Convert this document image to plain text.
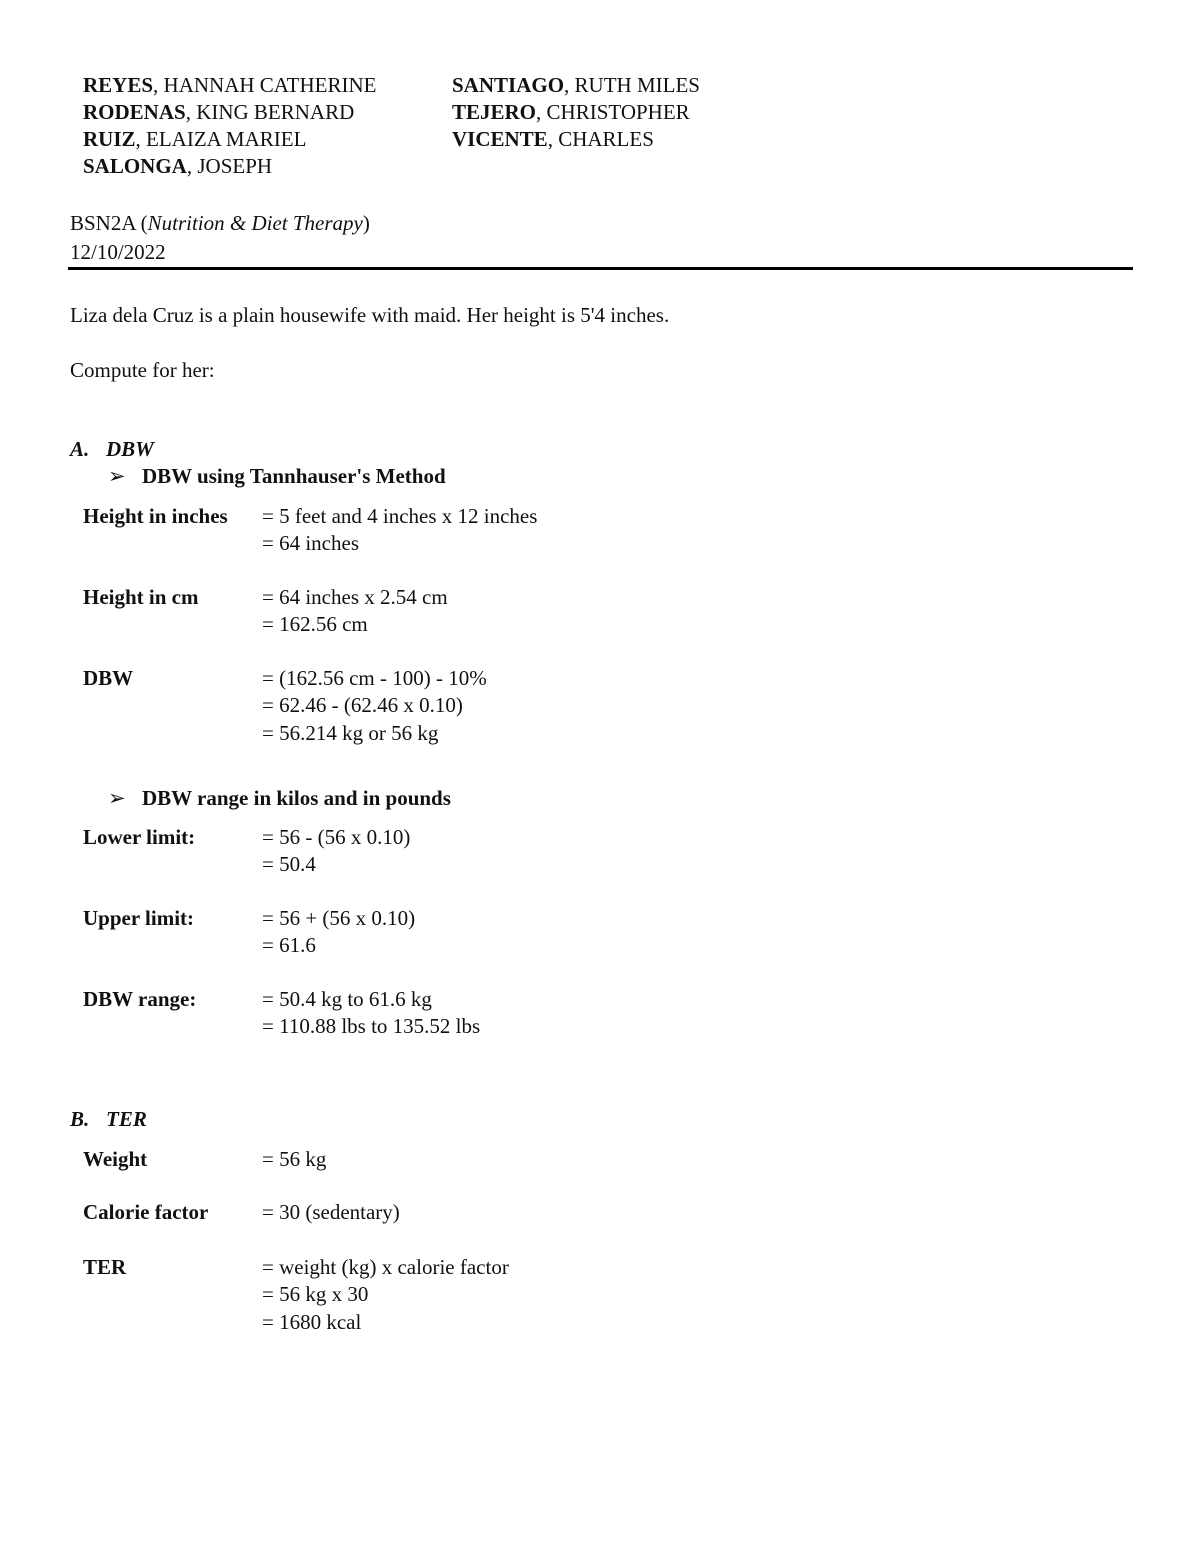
REYES, HANNAH CATHERINE
RODENAS, KING BERNARD
RUIZ, ELAIZA MARIEL
SALONGA, JOSEPH
SANTIAGO, RUTH MILES
TEJERO, CHRISTOPHER
VICENTE, CHARLES
BSN2A (Nutrition & Diet Therapy)
12/10/2022
Liza dela Cruz is a plain housewife with maid. Her height is 5'4 inches.
Compute for her:
A. DBW
➢ DBW using Tannhauser's Method
Height in inches = 5 feet and 4 inches x 12 inches
= 64 inches
Height in cm	= 64 inches x 2.54 cm
= 162.56 cm
DBW	= (162.56 cm - 100) - 10%
= 62.46 - (62.46 x 0.10)
= 56.214 kg or 56 kg
➢ DBW range in kilos and in pounds
Lower limit:	= 56 - (56 x 0.10)
= 50.4
Upper limit:	= 56 + (56 x 0.10)
= 61.6
DBW range:	= 50.4 kg to 61.6 kg
= 110.88 lbs to 135.52 lbs
B. TER
Weight	= 56 kg
Calorie factor	= 30 (sedentary)
TER	= weight (kg) x calorie factor
= 56 kg x 30
= 1680 kcal
